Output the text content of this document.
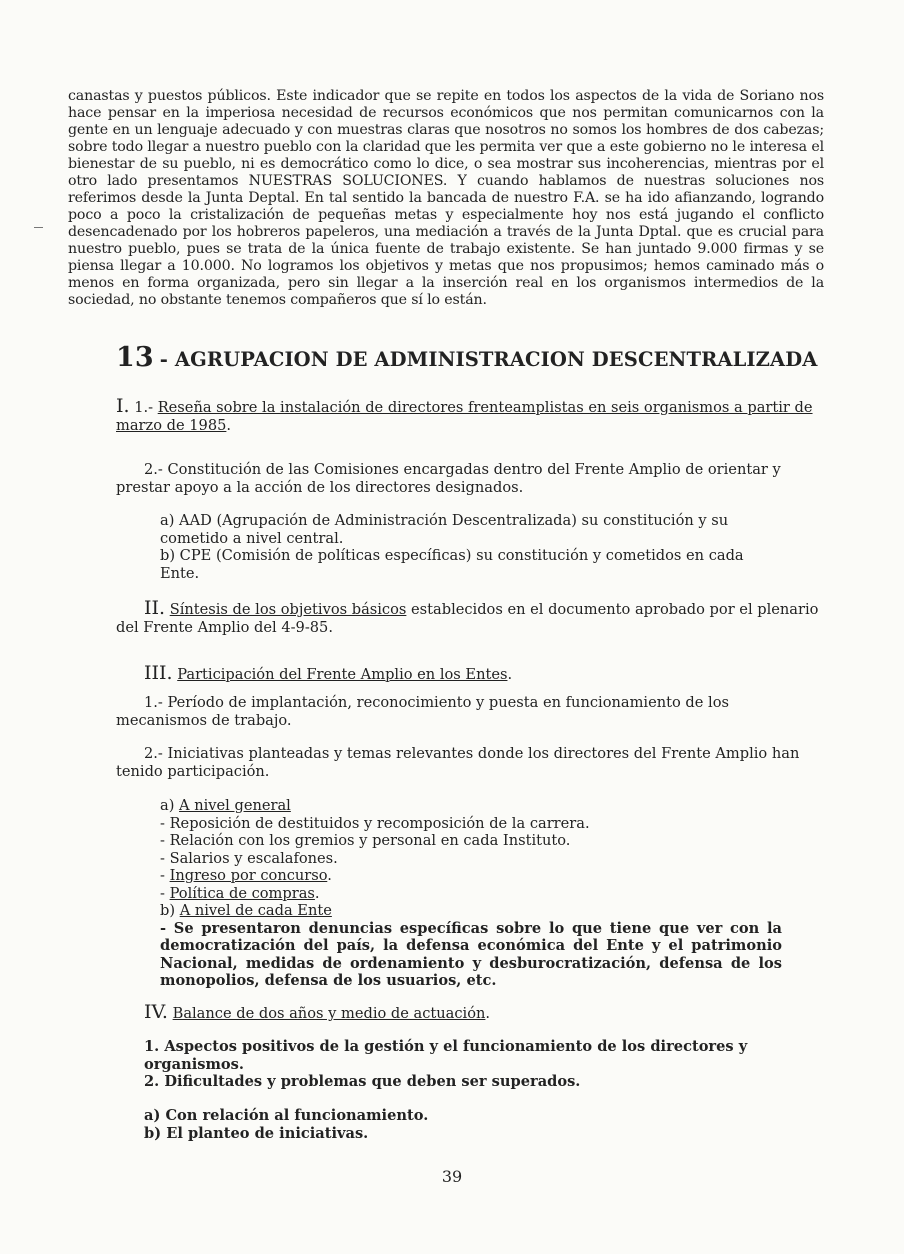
canastas y puestos públicos. Este indicador que se repite en todos los aspectos de la vida de Soriano nos hace pensar en la imperiosa necesidad de recursos económicos que nos permitan comunicarnos con la gente en un lenguaje adecuado y con muestras claras que nosotros no somos los hombres de dos cabezas; sobre todo llegar a nuestro pueblo con la claridad que les permita ver que a este gobierno no le interesa el bienestar de su pueblo, ni es democrático como lo dice, o sea mostrar sus incoherencias, mientras por el otro lado presentamos NUESTRAS SOLUCIONES. Y cuando hablamos de nuestras soluciones nos referimos desde la Junta Deptal. En tal sentido la bancada de nuestro F.A. se ha ido afianzando, logrando poco a poco la cristalización de pequeñas metas y especialmente hoy nos está jugando el conflicto desencadenado por los hobreros papeleros, una mediación a través de la Junta Dptal. que es crucial para nuestro pueblo, pues se trata de la única fuente de trabajo existente. Se han juntado 9.000 firmas y se piensa llegar a 10.000. No logramos los objetivos y metas que nos propusimos; hemos caminado más o menos en forma organizada, pero sin llegar a la inserción real en los organismos intermedios de la sociedad, no obstante tenemos compañeros que sí lo están.

13 - AGRUPACION DE ADMINISTRACION DESCENTRALIZADA

I. 1.- Reseña sobre la instalación de directores frenteamplistas en seis organismos a partir de marzo de 1985.

2.- Constitución de las Comisiones encargadas dentro del Frente Amplio de orientar y prestar apoyo a la acción de los directores designados.

a) AAD (Agrupación de Administración Descentralizada) su constitución y su cometido a nivel central.

b) CPE (Comisión de políticas específicas) su constitución y cometidos en cada Ente.

II. Síntesis de los objetivos básicos establecidos en el documento aprobado por el plenario del Frente Amplio del 4-9-85.

III. Participación del Frente Amplio en los Entes.

1.- Período de implantación, reconocimiento y puesta en funcionamiento de los mecanismos de trabajo.

2.- Iniciativas planteadas y temas relevantes donde los directores del Frente Amplio han tenido participación.

a) A nivel general

- Reposición de destituidos y recomposición de la carrera.

- Relación con los gremios y personal en cada Instituto.

- Salarios y escalafones.

- Ingreso por concurso.

- Política de compras.

b) A nivel de cada Ente

- Se presentaron denuncias específicas sobre lo que tiene que ver con la democratización del país, la defensa económica del Ente y el patrimonio Nacional, medidas de ordenamiento y desburocratización, defensa de los monopolios, defensa de los usuarios, etc.

IV. Balance de dos años y medio de actuación.

1. Aspectos positivos de la gestión y el funcionamiento de los directores y organismos.

2. Dificultades y problemas que deben ser superados.

a) Con relación al funcionamiento.

b) El planteo de iniciativas.

39
